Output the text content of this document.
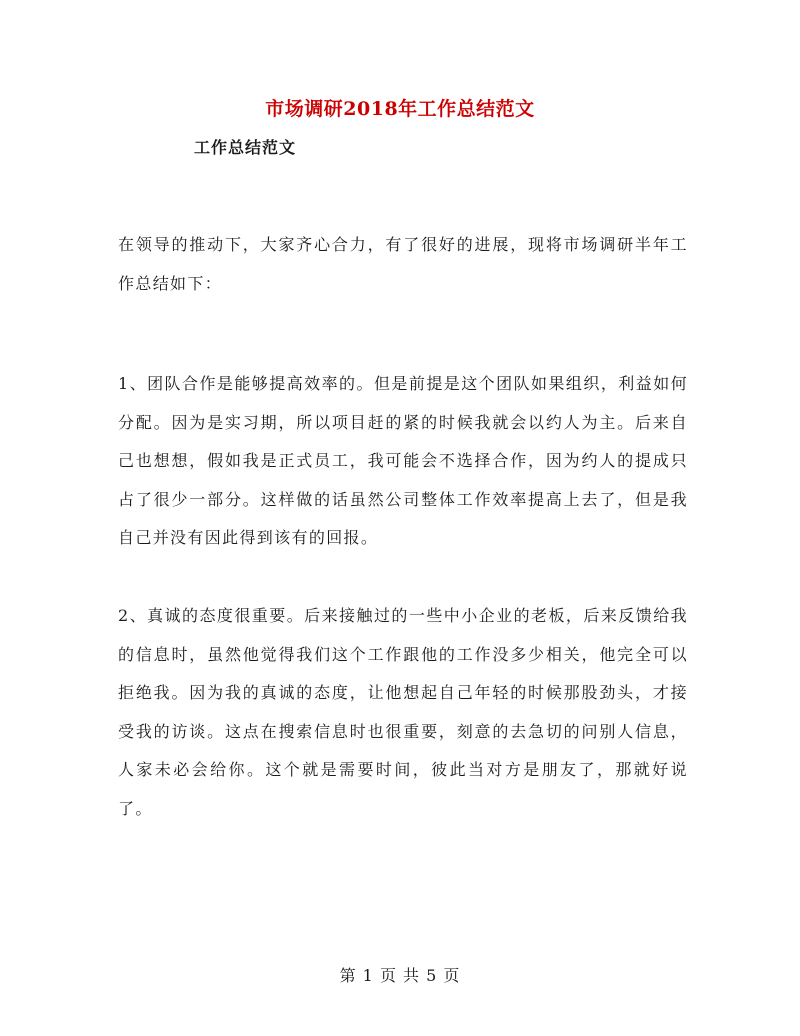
市场调研2018年工作总结范文
工作总结范文

在领导的推动下，大家齐心合力，有了很好的进展，现将市场调研半年工作总结如下：

1、团队合作是能够提高效率的。但是前提是这个团队如果组织，利益如何分配。因为是实习期，所以项目赶的紧的时候我就会以约人为主。后来自己也想想，假如我是正式员工，我可能会不选择合作，因为约人的提成只占了很少一部分。这样做的话虽然公司整体工作效率提高上去了，但是我自己并没有因此得到该有的回报。

2、真诚的态度很重要。后来接触过的一些中小企业的老板，后来反馈给我的信息时，虽然他觉得我们这个工作跟他的工作没多少相关，他完全可以拒绝我。因为我的真诚的态度，让他想起自己年轻的时候那股劲头，才接受我的访谈。这点在搜索信息时也很重要，刻意的去急切的问别人信息，人家未必会给你。这个就是需要时间，彼此当对方是朋友了，那就好说了。

第 1 页 共 5 页
